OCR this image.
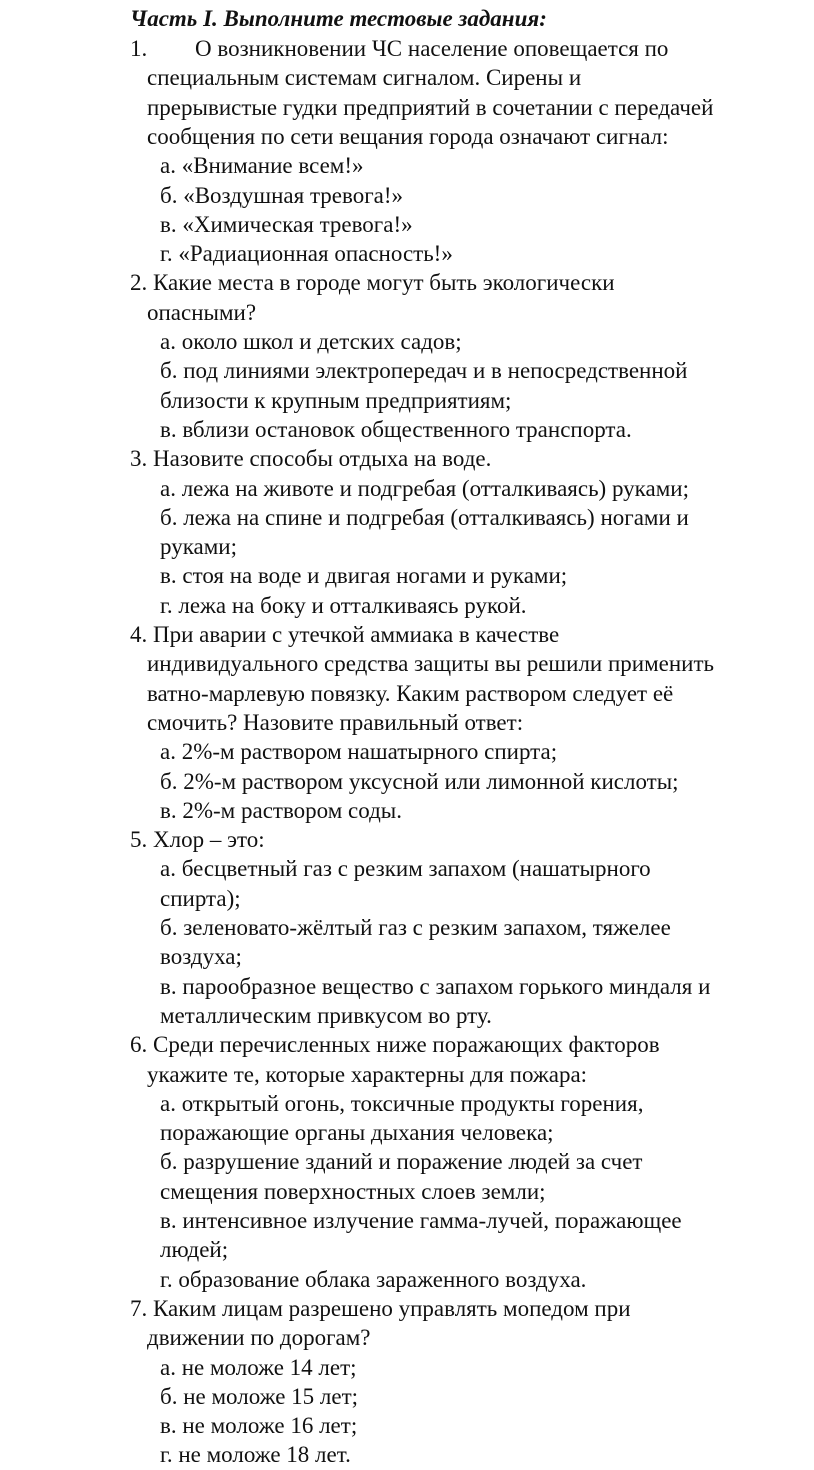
Часть I. Выполните тестовые задания:
1. О возникновении ЧС население оповещается по
специальным системам сигналом. Сирены и
прерывистые гудки предприятий в сочетании с передачей
сообщения по сети вещания города означают сигнал:
а. «Внимание всем!»
б. «Воздушная тревога!»
в. «Химическая тревога!»
г. «Радиационная опасность!»
2. Какие места в городе могут быть экологически
опасными?
а. около школ и детских садов;
б. под линиями электропередач и в непосредственной
близости к крупным предприятиям;
в. вблизи остановок общественного транспорта.
3. Назовите способы отдыха на воде.
а. лежа на животе и подгребая (отталкиваясь) руками;
б. лежа на спине и подгребая (отталкиваясь) ногами и
руками;
в. стоя на воде и двигая ногами и руками;
г. лежа на боку и отталкиваясь рукой.
4. При аварии с утечкой аммиака в качестве
индивидуального средства защиты вы решили применить
ватно-марлевую повязку. Каким раствором следует её
смочить? Назовите правильный ответ:
а. 2%-м раствором нашатырного спирта;
б. 2%-м раствором уксусной или лимонной кислоты;
в. 2%-м раствором соды.
5. Хлор – это:
а. бесцветный газ с резким запахом (нашатырного
спирта);
б. зеленовато-жёлтый газ с резким запахом, тяжелее
воздуха;
в. парообразное вещество с запахом горького миндаля и
металлическим привкусом во рту.
6. Среди перечисленных ниже поражающих факторов
укажите те, которые характерны для пожара:
а. открытый огонь, токсичные продукты горения,
поражающие органы дыхания человека;
б. разрушение зданий и поражение людей за счет
смещения поверхностных слоев земли;
в. интенсивное излучение гамма-лучей, поражающее
людей;
г. образование облака зараженного воздуха.
7. Каким лицам разрешено управлять мопедом при
движении по дорогам?
а. не моложе 14 лет;
б. не моложе 15 лет;
в. не моложе 16 лет;
г. не моложе 18 лет.
